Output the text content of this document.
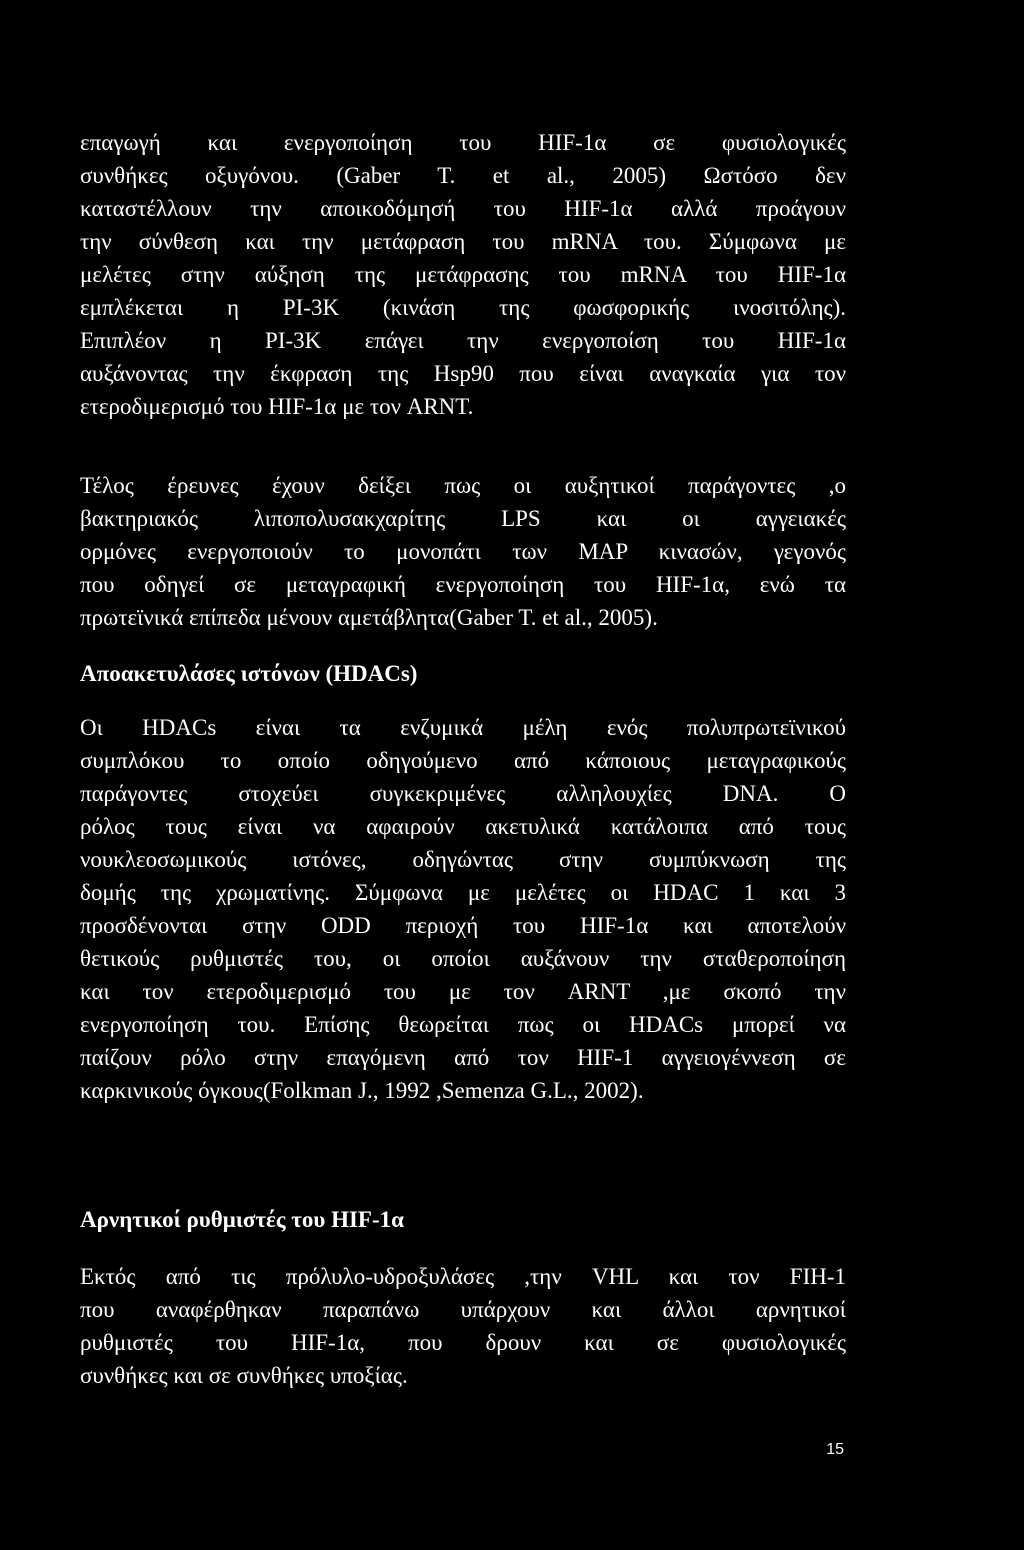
επαγωγή και ενεργοποίηση του HIF-1α σε φυσιολογικές
συνθήκες οξυγόνου. (Gaber T. et al., 2005) Ωστόσο δεν
καταστέλλουν την αποικοδόμησή του HIF-1α αλλά προάγουν
την σύνθεση και την μετάφραση του mRNA του. Σύμφωνα με
μελέτες στην αύξηση της μετάφρασης του mRNA του HIF-1α
εμπλέκεται η PI-3K (κινάση της φωσφορικής ινοσιτόλης).
Επιπλέον η PI-3K επάγει την ενεργοποίση του HIF-1α
αυξάνοντας την έκφραση της Hsp90 που είναι αναγκαία για τον
ετεροδιμερισμό του HIF-1α με τον ARNT.
Τέλος έρευνες έχουν δείξει πως οι αυξητικοί παράγοντες ,ο
βακτηριακός λιποπολυσακχαρίτης LPS και οι αγγειακές
ορμόνες ενεργοποιούν το μονοπάτι των MAP κινασών, γεγονός
που οδηγεί σε μεταγραφική ενεργοποίηση του HIF-1α, ενώ τα
πρωτεϊνικά επίπεδα μένουν αμετάβλητα(Gaber T. et al., 2005).
Αποακετυλάσες ιστόνων (HDACs)
Οι HDACs είναι τα ενζυμικά μέλη ενός πολυπρωτεϊνικού
συμπλόκου το οποίο οδηγούμενο από κάποιους μεταγραφικούς
παράγοντες στοχεύει συγκεκριμένες αλληλουχίες DNA. Ο
ρόλος τους είναι να αφαιρούν ακετυλικά κατάλοιπα από τους
νουκλεοσωμικούς ιστόνες, οδηγώντας στην συμπύκνωση της
δομής της χρωματίνης. Σύμφωνα με μελέτες οι HDAC 1 και 3
προσδένονται στην ODD περιοχή του HIF-1α και αποτελούν
θετικούς ρυθμιστές του, οι οποίοι αυξάνουν την σταθεροποίηση
και τον ετεροδιμερισμό του με τον ARNT ,με σκοπό την
ενεργοποίηση του. Επίσης θεωρείται πως οι HDACs μπορεί να
παίζουν ρόλο στην επαγόμενη από τον HIF-1 αγγειογέννεση σε
καρκινικούς όγκους(Folkman J., 1992 ,Semenza G.L., 2002).
Αρνητικοί ρυθμιστές του HIF-1α
Εκτός από τις πρόλυλο-υδροξυλάσες ,την VHL και τον FIH-1
που αναφέρθηκαν παραπάνω υπάρχουν και άλλοι αρνητικοί
ρυθμιστές του HIF-1α, που δρουν και σε φυσιολογικές
συνθήκες και σε συνθήκες υποξίας.
15
